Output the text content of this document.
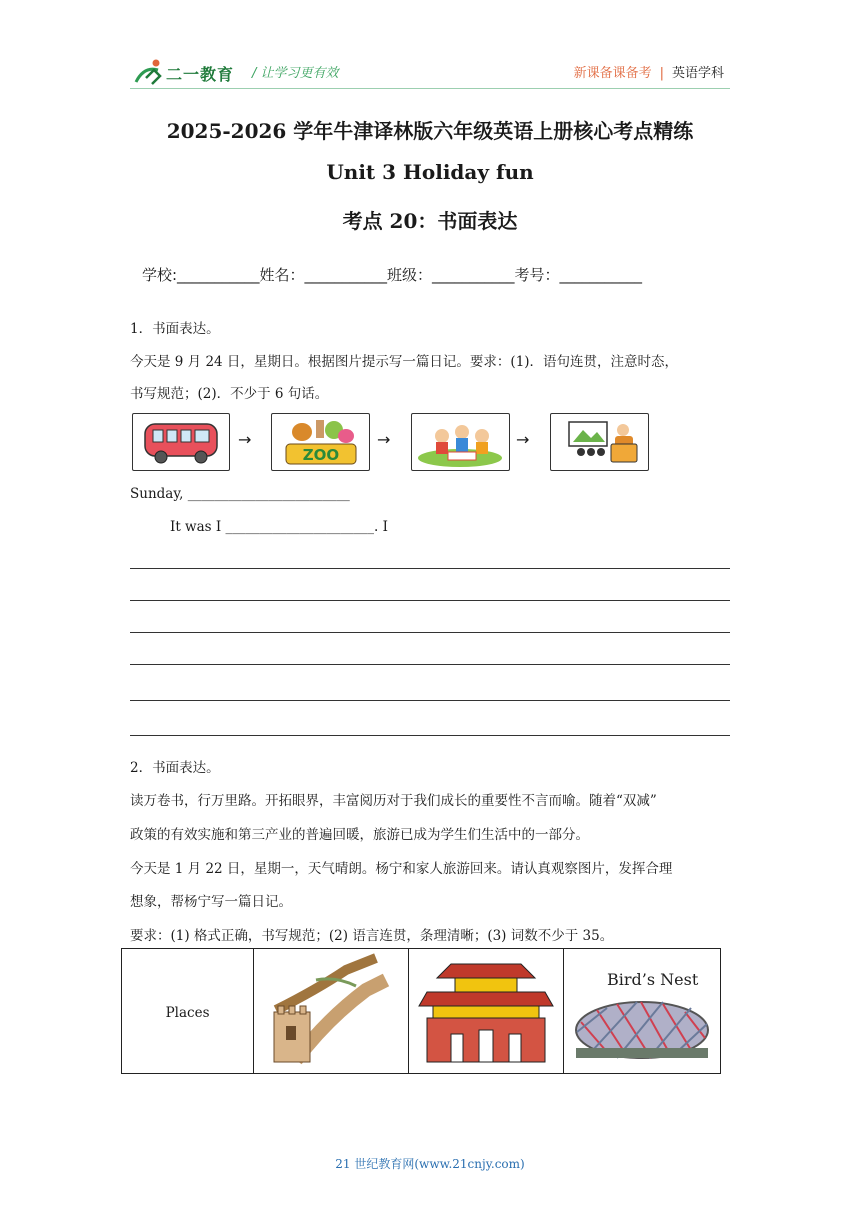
二一教育 / 让学习更有效	新课备课备考 | 英语学科
2025-2026 学年牛津译林版六年级英语上册核心考点精练
Unit 3 Holiday fun
考点 20：书面表达
学校:___________姓名：___________班级：___________考号：___________
1．书面表达。
今天是 9 月 24 日，星期日。根据图片提示写一篇日记。要求：(1)．语句连贯，注意时态，
书写规范；(2)．不少于 6 句话。
→
ZOO
→	→
Sunday, ________________________
It was I ______________________. I
2．书面表达。
读万卷书，行万里路。开拓眼界，丰富阅历对于我们成长的重要性不言而喻。随着“双减”
政策的有效实施和第三产业的普遍回暖，旅游已成为学生们生活中的一部分。
今天是 1 月 22 日，星期一，天气晴朗。杨宁和家人旅游回来。请认真观察图片，发挥合理
想象，帮杨宁写一篇日记。
要求：(1) 格式正确，书写规范；(2) 语言连贯，条理清晰；(3) 词数不少于 35。
Places			
Bird’s Nest
21 世纪教育网(www.21cnjy.com)
